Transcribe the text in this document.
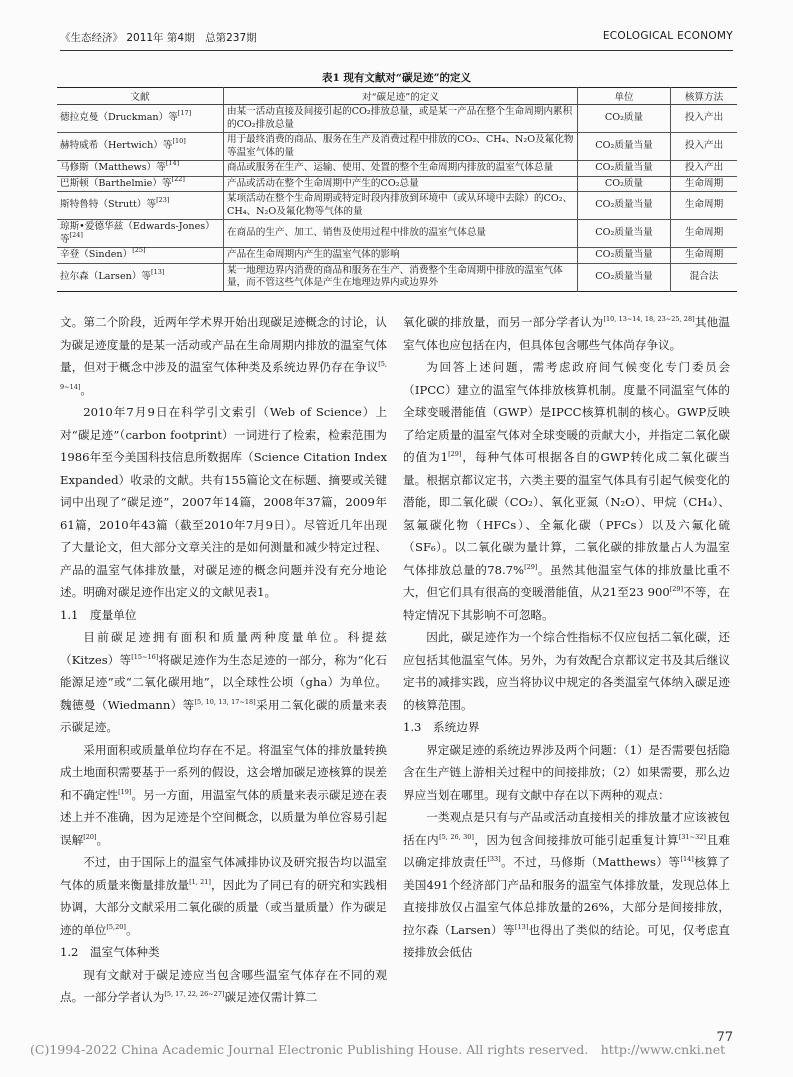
《生态经济》 2011年 第4期　总第237期	ECOLOGICAL ECONOMY
表1 现有文献对“碳足迹”的定义
文献	对“碳足迹”的定义	单位	核算方法
德拉克曼（Druckman）等[17]	由某一活动直接及间接引起的CO₂排放总量，或是某一产品在整个生命周期内累积的CO₂排放总量	CO₂质量	投入产出
赫特威希（Hertwich）等[10]	用于最终消费的商品、服务在生产及消费过程中排放的CO₂、CH₄、N₂O及氟化物等温室气体的量	CO₂质量当量	投入产出
马修斯（Matthews）等[14]	商品或服务在生产、运输、使用、处置的整个生命周期内排放的温室气体总量	CO₂质量当量	投入产出
巴斯顿（Barthelmie）等[22]	产品或活动在整个生命周期中产生的CO₂总量	CO₂质量	生命周期
斯特鲁特（Strutt）等[23]	某项活动在整个生命周期或特定时段内排放到环境中（或从环境中去除）的CO₂、CH₄、N₂O及氟化物等气体的量	CO₂质量当量	生命周期
琼斯•爱德华兹（Edwards-Jones）等[24]	在商品的生产、加工、销售及使用过程中排放的温室气体总量	CO₂质量当量	生命周期
辛登（Sinden）[25]	产品在生命周期内产生的温室气体的影响	CO₂质量当量	生命周期
拉尔森（Larsen）等[13]	某一地理边界内消费的商品和服务在生产、消费整个生命周期中排放的温室气体量，而不管这些气体是产生在地理边界内或边界外	CO₂质量当量	混合法

文。第二个阶段，近两年学术界开始出现碳足迹概念的讨论，认为碳足迹度量的是某一活动或产品在生命周期内排放的温室气体量，但对于概念中涉及的温室气体种类及系统边界仍存在争议[5, 9~14]。

2010年7月9日在科学引文索引（Web of Science）上对“碳足迹”（carbon footprint）一词进行了检索，检索范围为1986年至今美国科技信息所数据库（Science Citation Index Expanded）收录的文献。共有155篇论文在标题、摘要或关键词中出现了“碳足迹”，2007年14篇，2008年37篇，2009年61篇，2010年43篇（截至2010年7月9日）。尽管近几年出现了大量论文，但大部分文章关注的是如何测量和减少特定过程、产品的温室气体排放量，对碳足迹的概念问题并没有充分地论述。明确对碳足迹作出定义的文献见表1。

1.1　度量单位

目前碳足迹拥有面积和质量两种度量单位。科提兹（Kitzes）等[15~16]将碳足迹作为生态足迹的一部分，称为“化石能源足迹”或“二氧化碳用地”，以全球性公顷（gha）为单位。魏德曼（Wiedmann）等[5, 10, 13, 17~18]采用二氧化碳的质量来表示碳足迹。

采用面积或质量单位均存在不足。将温室气体的排放量转换成土地面积需要基于一系列的假设，这会增加碳足迹核算的误差和不确定性[19]。另一方面，用温室气体的质量来表示碳足迹在表述上并不准确，因为足迹是个空间概念，以质量为单位容易引起误解[20]。

不过，由于国际上的温室气体减排协议及研究报告均以温室气体的质量来衡量排放量[1, 21]，因此为了同已有的研究和实践相协调，大部分文献采用二氧化碳的质量（或当量质量）作为碳足迹的单位[5,20]。

1.2　温室气体种类

现有文献对于碳足迹应当包含哪些温室气体存在不同的观点。一部分学者认为[5, 17, 22, 26~27]碳足迹仅需计算二

氧化碳的排放量，而另一部分学者认为[10, 13~14, 18, 23~25, 28]其他温室气体也应包括在内，但具体包含哪些气体尚存争议。

为回答上述问题，需考虑政府间气候变化专门委员会（IPCC）建立的温室气体排放核算机制。度量不同温室气体的全球变暖潜能值（GWP）是IPCC核算机制的核心。GWP反映了给定质量的温室气体对全球变暖的贡献大小，并指定二氧化碳的值为1[29]，每种气体可根据各自的GWP转化成二氧化碳当量。根据京都议定书，六类主要的温室气体具有引起气候变化的潜能，即二氧化碳（CO₂）、氧化亚氮（N₂O）、甲烷（CH₄）、氢氟碳化物（HFCs）、全氟化碳（PFCs）以及六氟化硫（SF₆）。以二氧化碳为量计算，二氧化碳的排放量占人为温室气体排放总量的78.7%[29]。虽然其他温室气体的排放量比重不大，但它们具有很高的变暖潜能值，从21至23 900[29]不等，在特定情况下其影响不可忽略。

因此，碳足迹作为一个综合性指标不仅应包括二氧化碳，还应包括其他温室气体。另外，为有效配合京都议定书及其后继议定书的减排实践，应当将协议中规定的各类温室气体纳入碳足迹的核算范围。

1.3　系统边界

界定碳足迹的系统边界涉及两个问题：（1）是否需要包括隐含在生产链上游相关过程中的间接排放；（2）如果需要，那么边界应当划在哪里。现有文献中存在以下两种的观点：

一类观点是只有与产品或活动直接相关的排放量才应该被包括在内[5, 26, 30]，因为包含间接排放可能引起重复计算[31~32]且难以确定排放责任[33]。不过，马修斯（Matthews）等[14]核算了美国491个经济部门产品和服务的温室气体排放量，发现总体上直接排放仅占温室气体总排放量的26%，大部分是间接排放，拉尔森（Larsen）等[13]也得出了类似的结论。可见，仅考虑直接排放会低估

(C)1994-2022 China Academic Journal Electronic Publishing House. All rights reserved.　http://www.cnki.net
77
